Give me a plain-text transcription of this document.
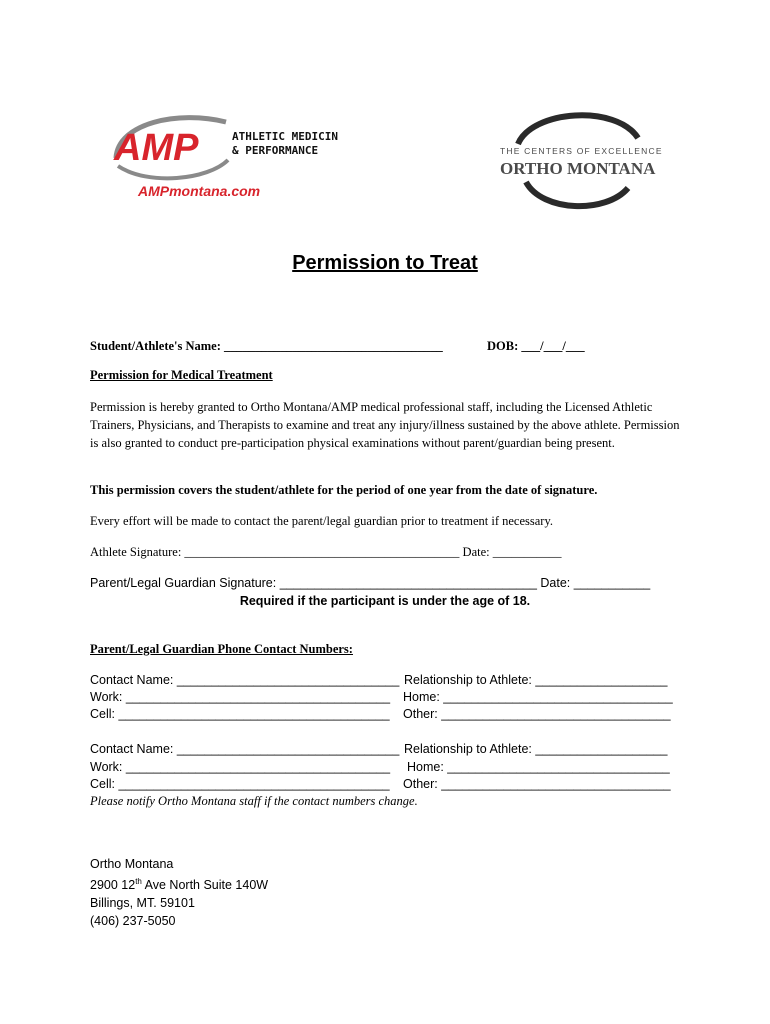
AMP	ATHLETIC MEDICINE
& PERFORMANCE
AMPmontana.com
THE CENTERS OF EXCELLENCE
ORTHO MONTANA
Permission to Treat
Student/Athlete's Name: ___________________________________	DOB: ___/___/___
Permission for Medical Treatment
Permission is hereby granted to Ortho Montana/AMP medical professional staff, including the Licensed Athletic Trainers, Physicians, and Therapists to examine and treat any injury/illness sustained by the above athlete. Permission is also granted to conduct pre-participation physical examinations without parent/guardian being present.
This permission covers the student/athlete for the period of one year from the date of signature.
Every effort will be made to contact the parent/legal guardian prior to treatment if necessary.
Athlete Signature: ____________________________________________ Date: ___________
Parent/Legal Guardian Signature: _____________________________________ Date: ___________
Required if the participant is under the age of 18.
Parent/Legal Guardian Phone Contact Numbers:
Contact Name: ________________________________ Relationship to Athlete: ___________________
Work: ______________________________________ Home: _________________________________
Cell: _______________________________________ Other: _________________________________
Contact Name: ________________________________ Relationship to Athlete: ___________________
Work: ______________________________________ Home: ________________________________
Cell: _______________________________________ Other: _________________________________
Please notify Ortho Montana staff if the contact numbers change.
Ortho Montana
2900 12th Ave North Suite 140W
Billings, MT. 59101
(406) 237-5050
